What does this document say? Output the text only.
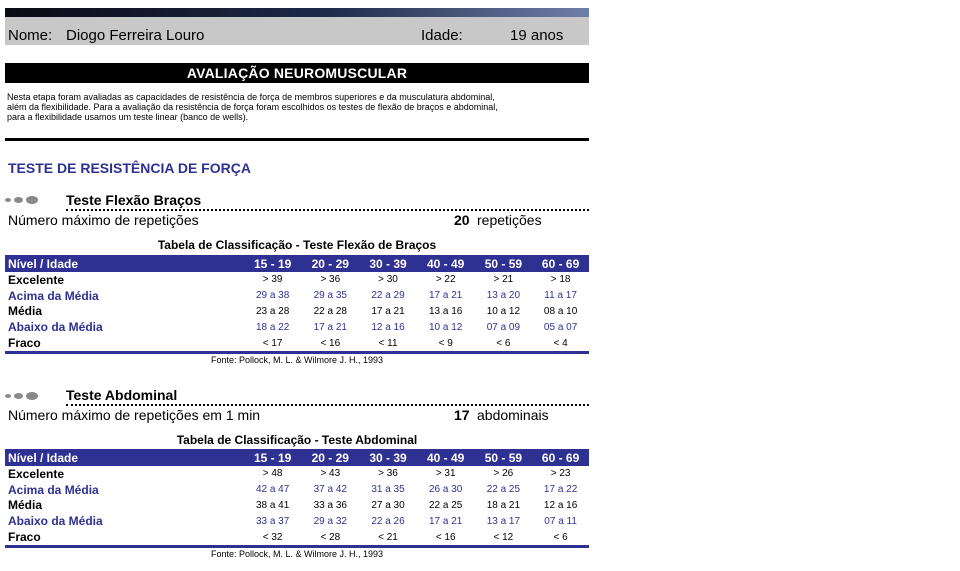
Nome: Diogo Ferreira Louro	Idade:	19 anos
AVALIAÇÃO NEUROMUSCULAR
Nesta etapa foram avaliadas as capacidades de resistência de força de membros superiores e da musculatura abdominal,
além da flexibilidade. Para a avaliação da resistência de força foram escolhidos os testes de flexão de braços e abdominal,
para a flexibilidade usamos um teste linear (banco de wells).
TESTE DE RESISTÊNCIA DE FORÇA
Teste Flexão Braços
Número máximo de repetições	20 repetições
Tabela de Classificação - Teste Flexão de Braços
Nível / Idade	15 - 19	20 - 29	30 - 39	40 - 49	50 - 59	60 - 69
Excelente	> 39	> 36	> 30	> 22	> 21	> 18
Acima da Média	29 a 38	29 a 35	22 a 29	17 a 21	13 a 20	11 a 17
Média	23 a 28	22 a 28	17 a 21	13 a 16	10 a 12	08 a 10
Abaixo da Média	18 a 22	17 a 21	12 a 16	10 a 12	07 a 09	05 a 07
Fraco	< 17	< 16	< 11	< 9	< 6	< 4
Fonte: Pollock, M. L. & Wilmore J. H., 1993
Teste Abdominal
Número máximo de repetições em 1 min	17 abdominais
Tabela de Classificação - Teste Abdominal
Nível / Idade	15 - 19	20 - 29	30 - 39	40 - 49	50 - 59	60 - 69
Excelente	> 48	> 43	> 36	> 31	> 26	> 23
Acima da Média	42 a 47	37 a 42	31 a 35	26 a 30	22 a 25	17 a 22
Média	38 a 41	33 a 36	27 a 30	22 a 25	18 a 21	12 a 16
Abaixo da Média	33 a 37	29 a 32	22 a 26	17 a 21	13 a 17	07 a 11
Fraco	< 32	< 28	< 21	< 16	< 12	< 6
Fonte: Pollock, M. L. & Wilmore J. H., 1993
